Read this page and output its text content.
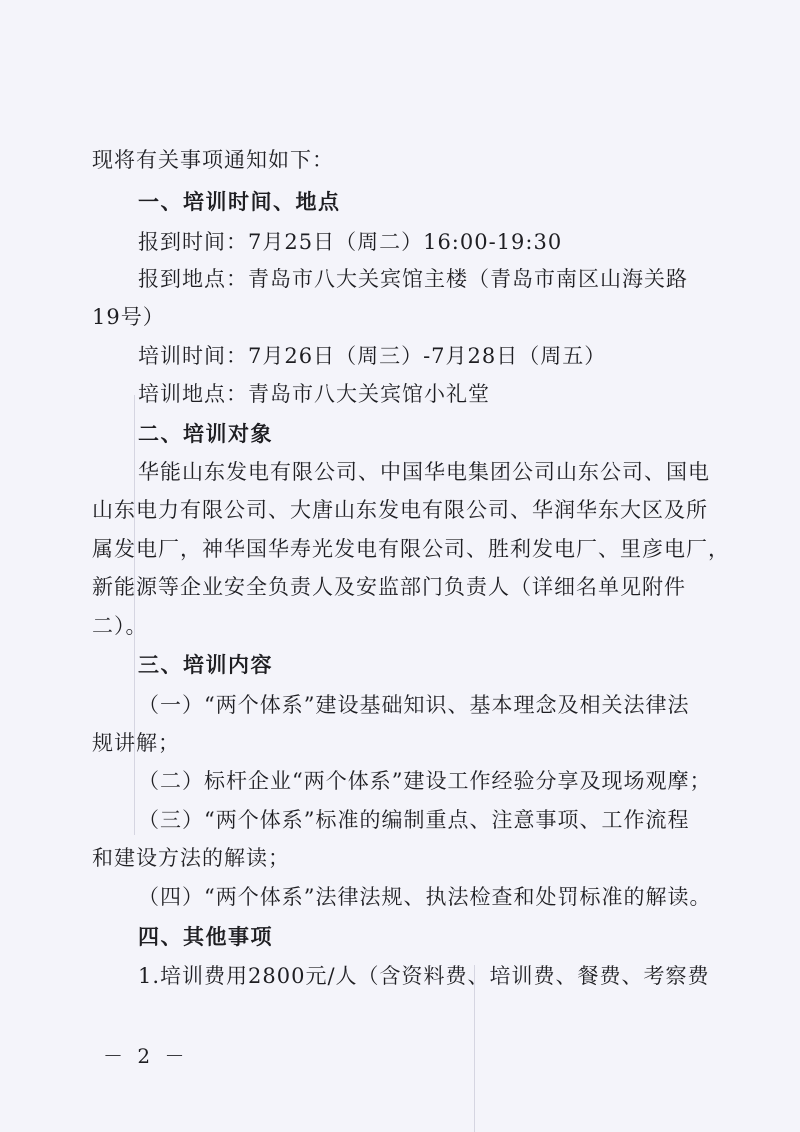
现将有关事项通知如下：
一、培训时间、地点
报到时间：7月25日（周二）16:00-19:30
报到地点：青岛市八大关宾馆主楼（青岛市南区山海关路
19号）
培训时间：7月26日（周三）-7月28日（周五）
培训地点：青岛市八大关宾馆小礼堂
二、培训对象
华能山东发电有限公司、中国华电集团公司山东公司、国电
山东电力有限公司、大唐山东发电有限公司、华润华东大区及所
属发电厂，神华国华寿光发电有限公司、胜利发电厂、里彦电厂，
新能源等企业安全负责人及安监部门负责人（详细名单见附件
二）。
三、培训内容
（一）“两个体系”建设基础知识、基本理念及相关法律法
规讲解；
（二）标杆企业“两个体系”建设工作经验分享及现场观摩；
（三）“两个体系”标准的编制重点、注意事项、工作流程
和建设方法的解读；
（四）“两个体系”法律法规、执法检查和处罚标准的解读。
四、其他事项
1.培训费用2800元/人（含资料费、培训费、餐费、考察费
－ 2 －
